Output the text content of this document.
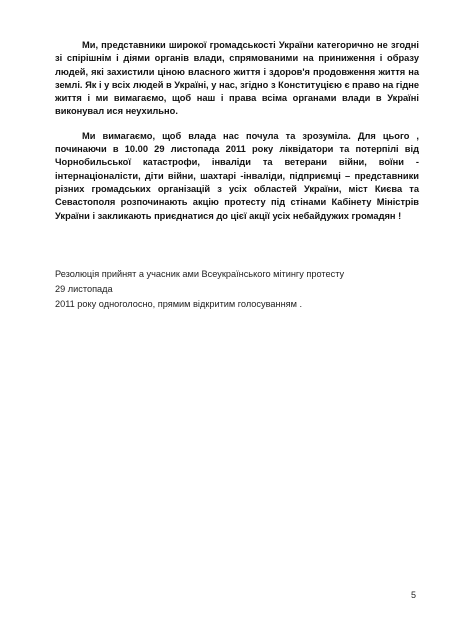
Ми, представники широкої громадськості України категорично не згодні зі спірішнім і діями органів влади, спрямованими на приниження і образу людей, які захистили ціною власного життя і здоров'я продовження життя на землі. Як і у всіх людей в Україні, у нас, згідно з Конституцією є право на гідне життя і ми вимагаємо, щоб наш і права всіма органами влади в Україні виконувал ися неухильно.

Ми вимагаємо, щоб влада нас почула та зрозуміла. Для цього , починаючи в 10.00 29 листопада 2011 року ліквідатори та потерпілі від Чорнобильської катастрофи, інваліди та ветерани війни, воїни - інтернаціоналісти, діти війни, шахтарі -інваліди, підприємці – представники різних громадських організацій з усіх областей України, міст Києва та Севастополя розпочинають акцію протесту під стінами Кабінету Міністрів України і закликають приєднатися до цієї акції усіх небайдужих громадян !

Резолюція прийнят а учасник ами Всеукраїнського мітингу протесту 29 листопада

2011 року одноголосно, прямим відкритим голосуванням .

5
